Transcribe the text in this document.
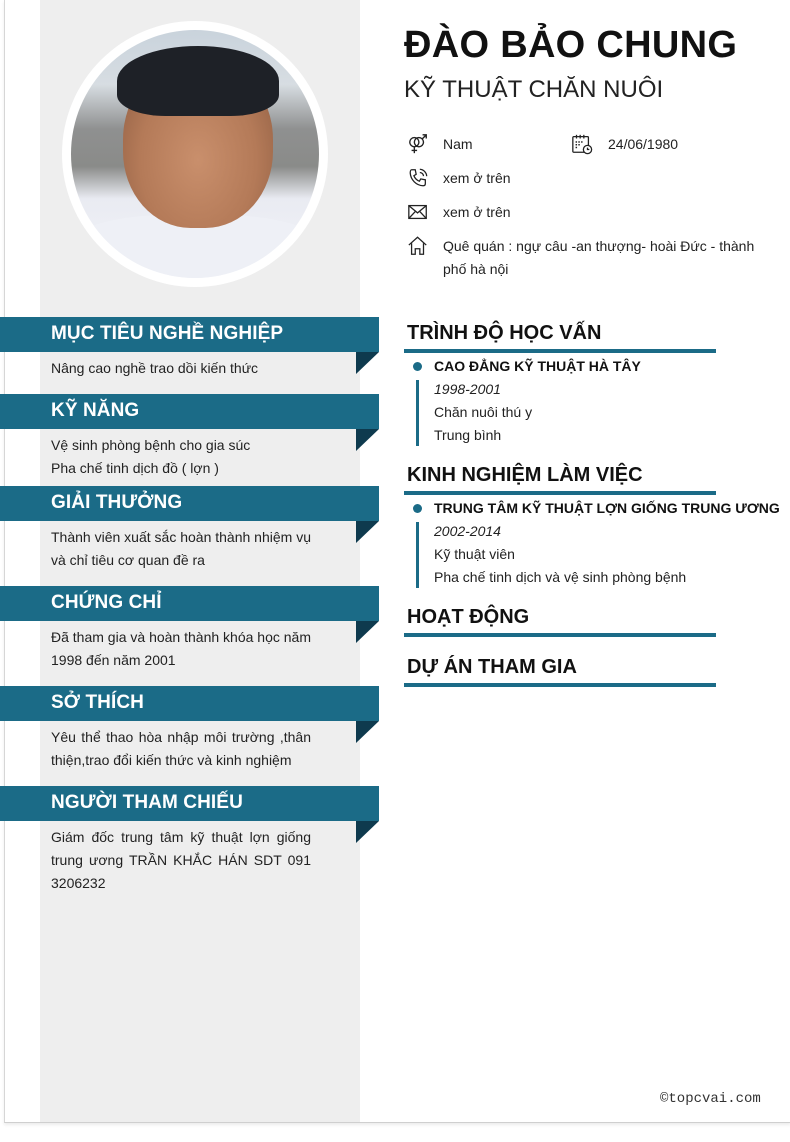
ĐÀO BẢO CHUNG
KỸ THUẬT CHĂN NUÔI
Nam	24/06/1980
xem ở trên
xem ở trên
Quê quán : ngự câu -an thượng- hoài Đức - thành phố hà nội
MỤC TIÊU NGHỀ NGHIỆP
Nâng cao nghề trao dồi kiến thức
KỸ NĂNG
Vệ sinh phòng bệnh cho gia súc
Pha chế tinh dịch đồ ( lợn )
GIẢI THƯỞNG
Thành viên xuất sắc hoàn thành nhiệm vụ và chỉ tiêu cơ quan đề ra
CHỨNG CHỈ
Đã tham gia và hoàn thành khóa học năm 1998 đến năm 2001
SỞ THÍCH
Yêu thể thao hòa nhập môi trường ,thân thiện,trao đổi kiến thức và kinh nghiệm
NGƯỜI THAM CHIẾU
Giám đốc trung tâm kỹ thuật lợn giống trung ương TRẦN KHẮC HÁN SDT 091 3206232
TRÌNH ĐỘ HỌC VẤN
CAO ĐẲNG KỸ THUẬT HÀ TÂY
1998-2001
Chăn nuôi thú y
Trung bình
KINH NGHIỆM LÀM VIỆC
TRUNG TÂM KỸ THUẬT LỢN GIỐNG TRUNG ƯƠNG
2002-2014
Kỹ thuật viên
Pha chế tinh dịch và vệ sinh phòng bệnh
HOẠT ĐỘNG
DỰ ÁN THAM GIA
©topcvai.com
